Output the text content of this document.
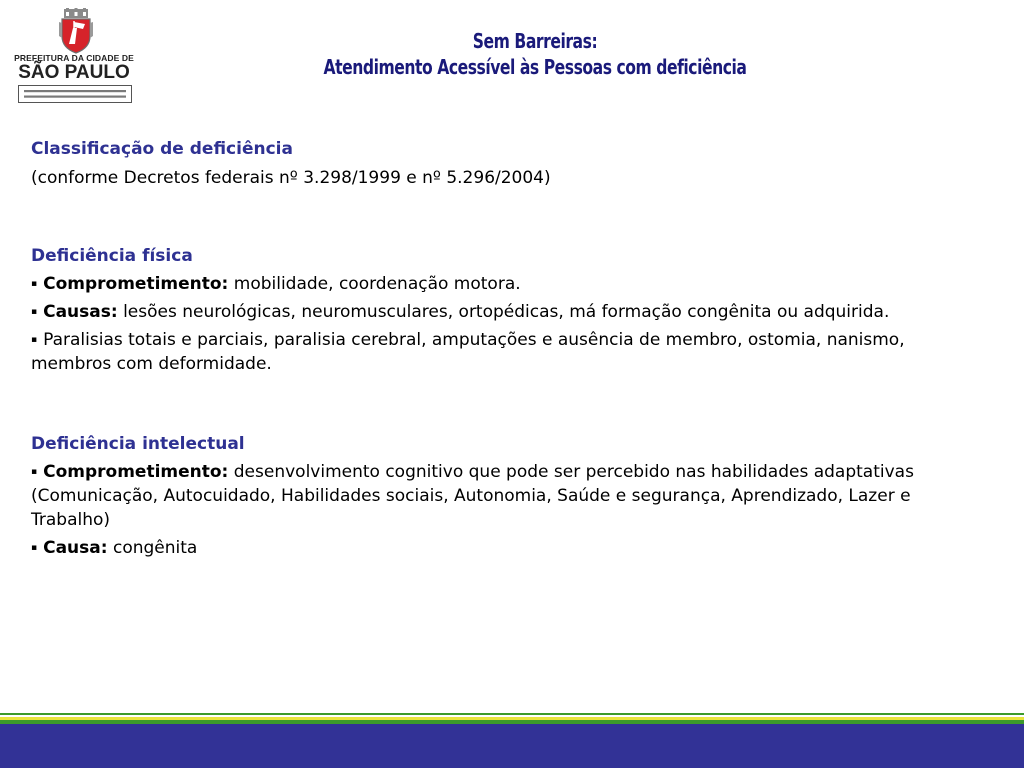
PREFEITURA DA CIDADE DE
SÃO PAULO
Sem Barreiras:
Atendimento Acessível às Pessoas com deficiência

Classificação de deficiência

(conforme Decretos federais nº 3.298/1999 e nº 5.296/2004)

Deficiência física

▪ Comprometimento: mobilidade, coordenação motora.

▪ Causas: lesões neurológicas, neuromusculares, ortopédicas, má formação congênita ou adquirida.

▪ Paralisias totais e parciais, paralisia cerebral, amputações e ausência de membro, ostomia, nanismo, membros com deformidade.

Deficiência intelectual

▪ Comprometimento: desenvolvimento cognitivo que pode ser percebido nas habilidades adaptativas (Comunicação, Autocuidado, Habilidades sociais, Autonomia, Saúde e segurança, Aprendizado, Lazer e Trabalho)

▪ Causa: congênita
